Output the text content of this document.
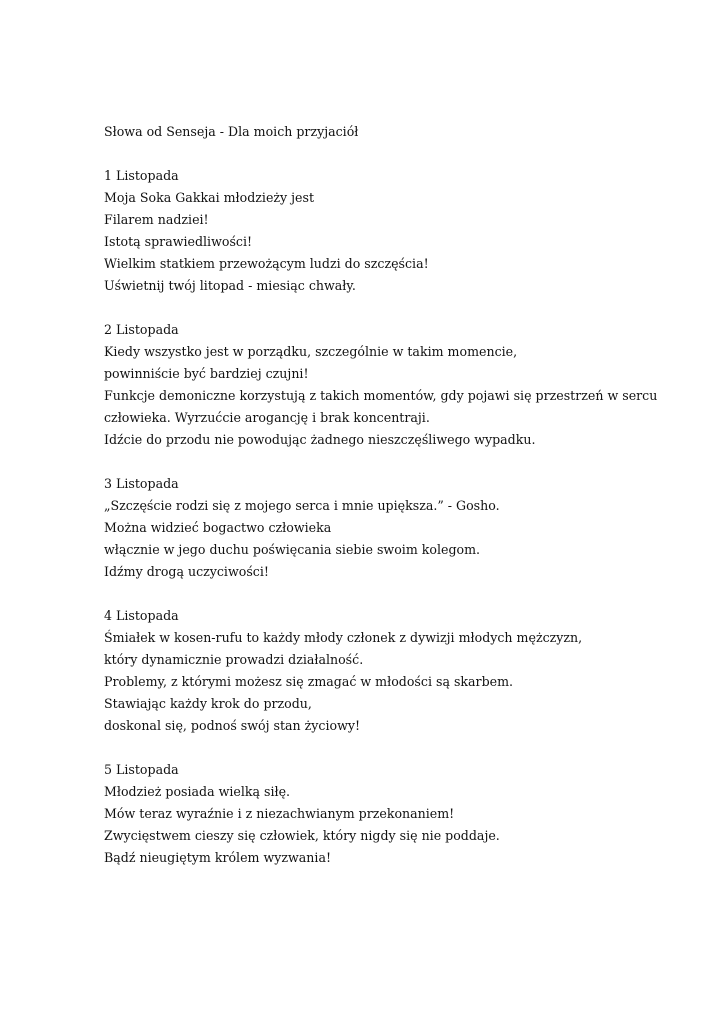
Słowa od Senseja - Dla moich przyjaciół
1 Listopada
Moja Soka Gakkai młodzieży jest
Filarem nadziei!
Istotą sprawiedliwości!
Wielkim statkiem przewożącym ludzi do szczęścia!
Uświetnij twój litopad - miesiąc chwały.
2 Listopada
Kiedy wszystko jest w porządku, szczególnie w takim momencie,
powinniście być bardziej czujni!
Funkcje demoniczne korzystują z takich momentów, gdy pojawi się przestrzeń w sercu
człowieka. Wyrzućcie arogancję i brak koncentraji.
Idźcie do przodu nie powodując żadnego nieszczęśliwego wypadku.
3 Listopada
„Szczęście rodzi się z mojego serca i mnie upiększa.” - Gosho.
Można widzieć bogactwo człowieka
włącznie w jego duchu poświęcania siebie swoim kolegom.
Idźmy drogą uczyciwości!
4 Listopada
Śmiałek w kosen-rufu to każdy młody członek z dywizji młodych mężczyzn,
który dynamicznie prowadzi działalność.
Problemy, z którymi możesz się zmagać w młodości są skarbem.
Stawiając każdy krok do przodu,
doskonal się, podnoś swój stan życiowy!
5 Listopada
Młodzież posiada wielką siłę.
Mów teraz wyraźnie i z niezachwianym przekonaniem!
Zwycięstwem cieszy się człowiek, który nigdy się nie poddaje.
Bądź nieugiętym królem wyzwania!
